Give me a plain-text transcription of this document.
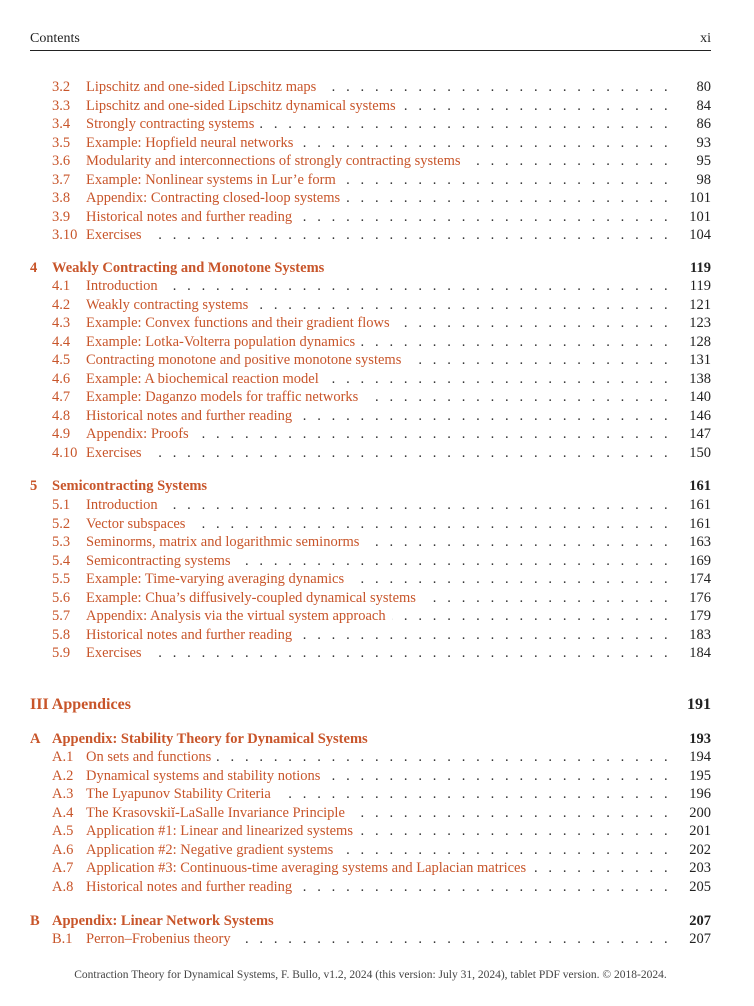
Contents	xi
3.2 Lipschitz and one-sided Lipschitz maps . . .	80
3.3 Lipschitz and one-sided Lipschitz dynamical systems . . .	84
3.4 Strongly contracting systems . . .	86
3.5 Example: Hopfield neural networks . . .	93
3.6 Modularity and interconnections of strongly contracting systems . . .	95
3.7 Example: Nonlinear systems in Lur’e form . . .	98
3.8 Appendix: Contracting closed-loop systems . . .	101
3.9 Historical notes and further reading . . .	101
3.10 Exercises . . .	104
4 Weakly Contracting and Monotone Systems	119
4.1 Introduction . . .	119
4.2 Weakly contracting systems . . .	121
4.3 Example: Convex functions and their gradient flows . . .	123
4.4 Example: Lotka-Volterra population dynamics . . .	128
4.5 Contracting monotone and positive monotone systems . . .	131
4.6 Example: A biochemical reaction model . . .	138
4.7 Example: Daganzo models for traffic networks . . .	140
4.8 Historical notes and further reading . . .	146
4.9 Appendix: Proofs . . .	147
4.10 Exercises . . .	150
5 Semicontracting Systems	161
5.1 Introduction . . .	161
5.2 Vector subspaces . . .	161
5.3 Seminorms, matrix and logarithmic seminorms . . .	163
5.4 Semicontracting systems . . .	169
5.5 Example: Time-varying averaging dynamics . . .	174
5.6 Example: Chua’s diffusively-coupled dynamical systems . . .	176
5.7 Appendix: Analysis via the virtual system approach . . .	179
5.8 Historical notes and further reading . . .	183
5.9 Exercises . . .	184
III Appendices	191
A Appendix: Stability Theory for Dynamical Systems	193
A.1 On sets and functions . . .	194
A.2 Dynamical systems and stability notions . . .	195
A.3 The Lyapunov Stability Criteria . . .	196
A.4 The Krasovskiĭ-LaSalle Invariance Principle . . .	200
A.5 Application #1: Linear and linearized systems . . .	201
A.6 Application #2: Negative gradient systems . . .	202
A.7 Application #3: Continuous-time averaging systems and Laplacian matrices . . .	203
A.8 Historical notes and further reading . . .	205
B Appendix: Linear Network Systems	207
B.1 Perron–Frobenius theory . . .	207
Contraction Theory for Dynamical Systems, F. Bullo, v1.2, 2024 (this version: July 31, 2024), tablet PDF version. © 2018-2024.
